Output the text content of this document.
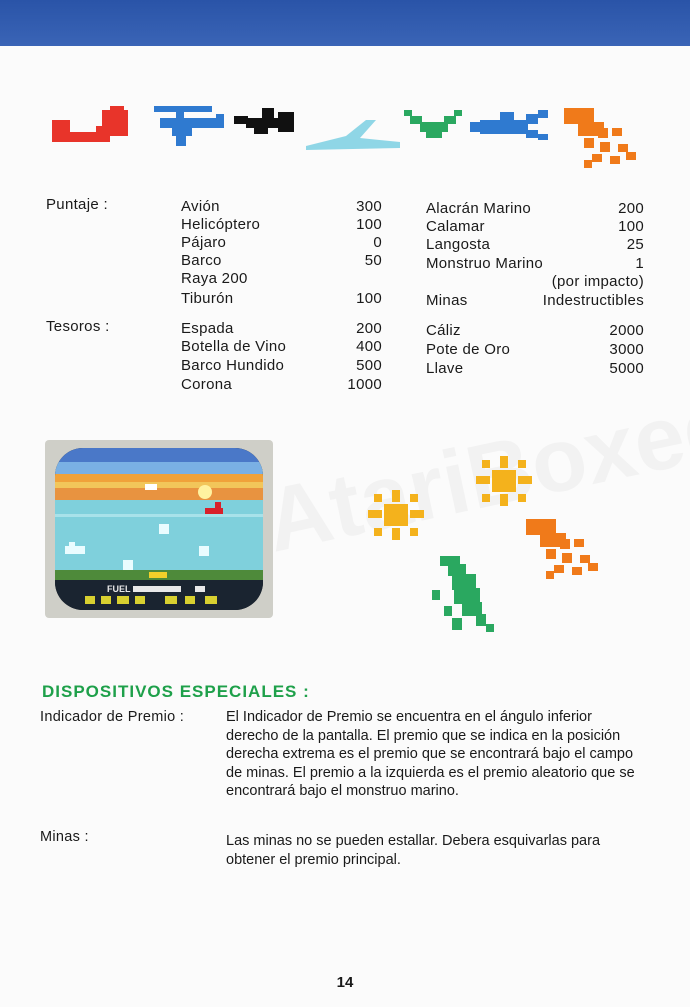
Puntaje :	Avión	300
Helicóptero	100
Pájaro	0
Barco	50
Raya 200
Tiburón	100
Alacrán Marino	200
Calamar	100
Langosta	25
Monstruo Marino	1
(por impacto)
Minas	Indestructibles
Tesoros :	Espada	200
Botella de Vino	400
Barco Hundido	500
Corona	1000
Cáliz	2000
Pote de Oro	3000
Llave	5000
FUEL
DISPOSITIVOS ESPECIALES :
Indicador de Premio :	El Indicador de Premio se encuentra en el ángulo inferior derecho de la pantalla. El premio que se indica en la posición derecha extrema es el premio que se encontrará bajo el campo de minas. El premio a la izquierda es el premio aleatorio que se encontrará bajo el monstruo marino.
Minas :	Las minas no se pueden estallar. Debera esquivarlas para obtener el premio principal.
14
